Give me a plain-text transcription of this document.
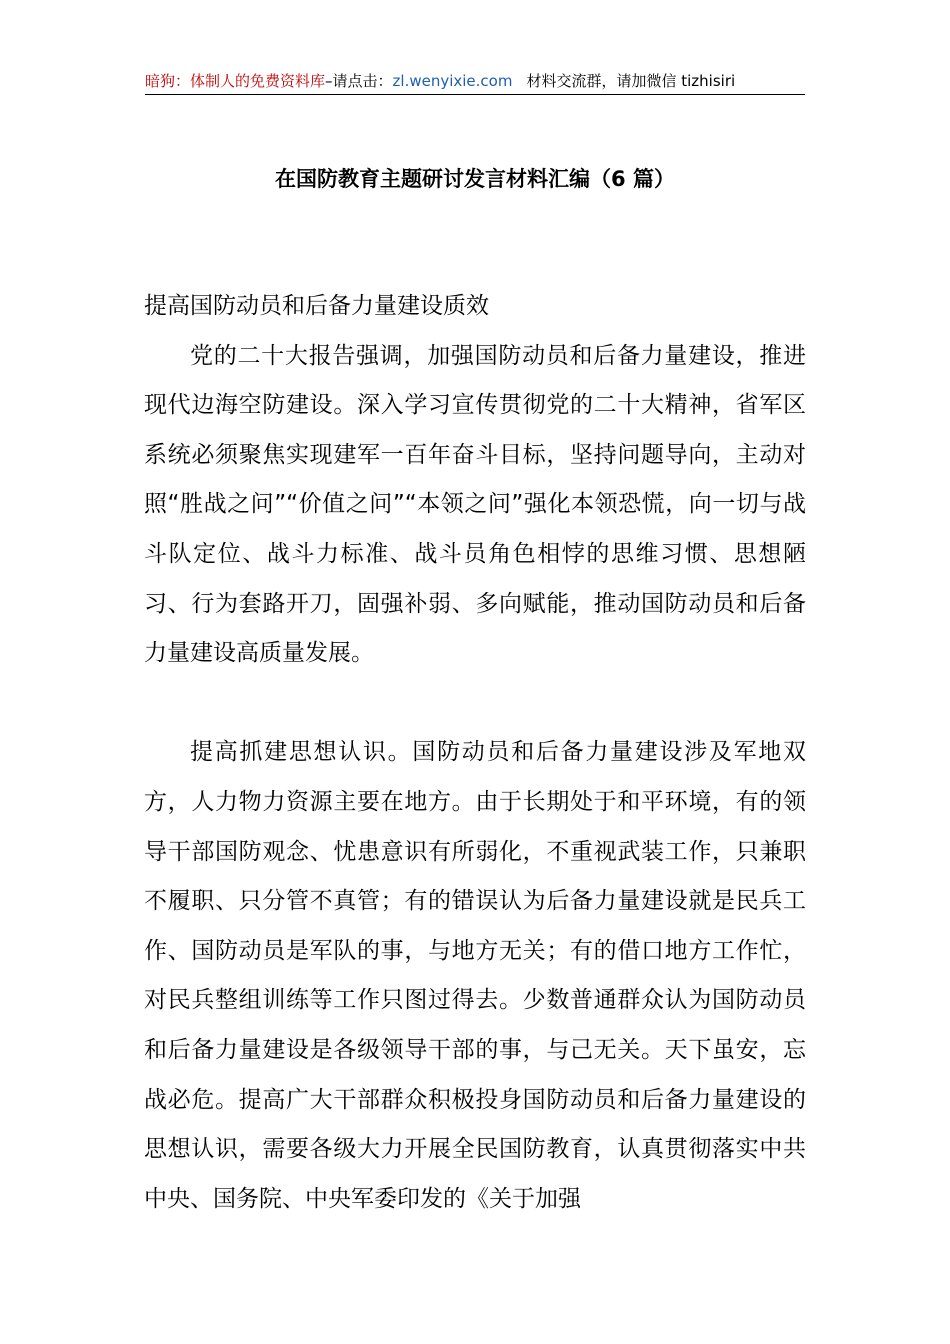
暗狗：体制人的免费资料库–请点击：zl.wenyixie.com 材料交流群，请加微信 tizhisiri
在国防教育主题研讨发言材料汇编（6 篇）

提高国防动员和后备力量建设质效

党的二十大报告强调，加强国防动员和后备力量建设，推进现代边海空防建设。深入学习宣传贯彻党的二十大精神，省军区系统必须聚焦实现建军一百年奋斗目标，坚持问题导向，主动对照“胜战之问”“价值之问”“本领之问”强化本领恐慌，向一切与战斗队定位、战斗力标准、战斗员角色相悖的思维习惯、思想陋习、行为套路开刀，固强补弱、多向赋能，推动国防动员和后备力量建设高质量发展。

提高抓建思想认识。国防动员和后备力量建设涉及军地双方，人力物力资源主要在地方。由于长期处于和平环境，有的领导干部国防观念、忧患意识有所弱化，不重视武装工作，只兼职不履职、只分管不真管；有的错误认为后备力量建设就是民兵工作、国防动员是军队的事，与地方无关；有的借口地方工作忙，对民兵整组训练等工作只图过得去。少数普通群众认为国防动员和后备力量建设是各级领导干部的事，与己无关。天下虽安，忘战必危。提高广大干部群众积极投身国防动员和后备力量建设的思想认识，需要各级大力开展全民国防教育，认真贯彻落实中共中央、国务院、中央军委印发的《关于加强
